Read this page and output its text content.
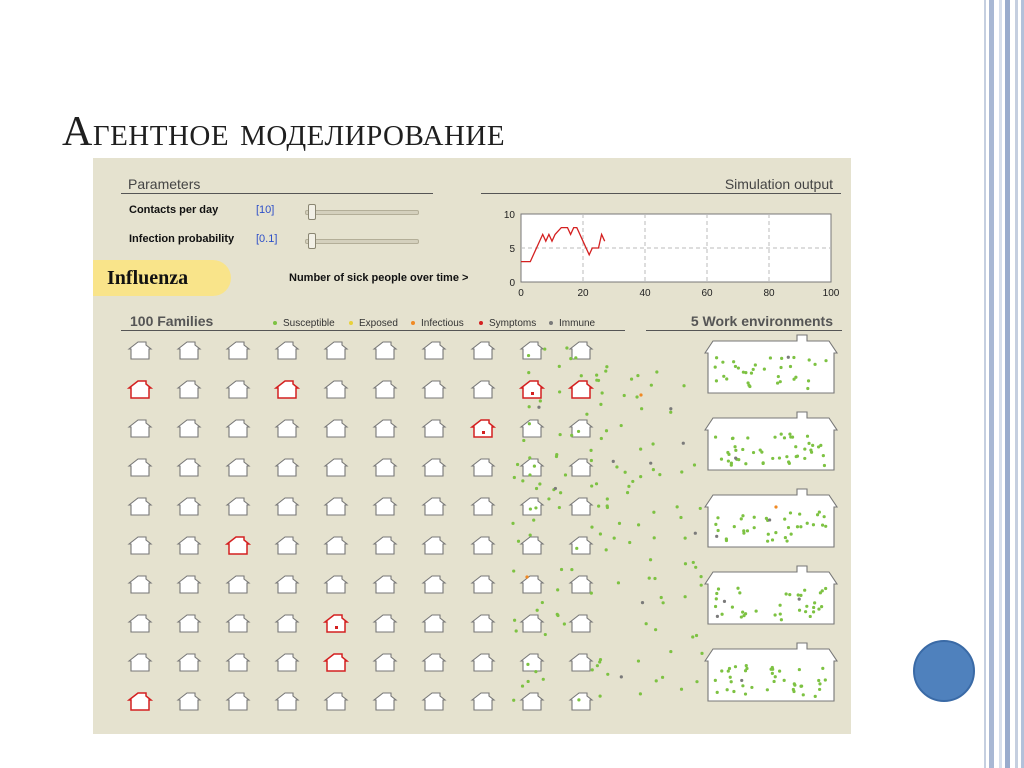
Агентное моделирование
Parameters	Simulation output
Contacts per day	[10]
Infection probability [0.1]
Influenza	Number of sick people over time >
0	20	40	60	80	100
0
5
10
100 Families	Susceptible	Exposed	Infectious	Symptoms	Immune	5 Work environments
